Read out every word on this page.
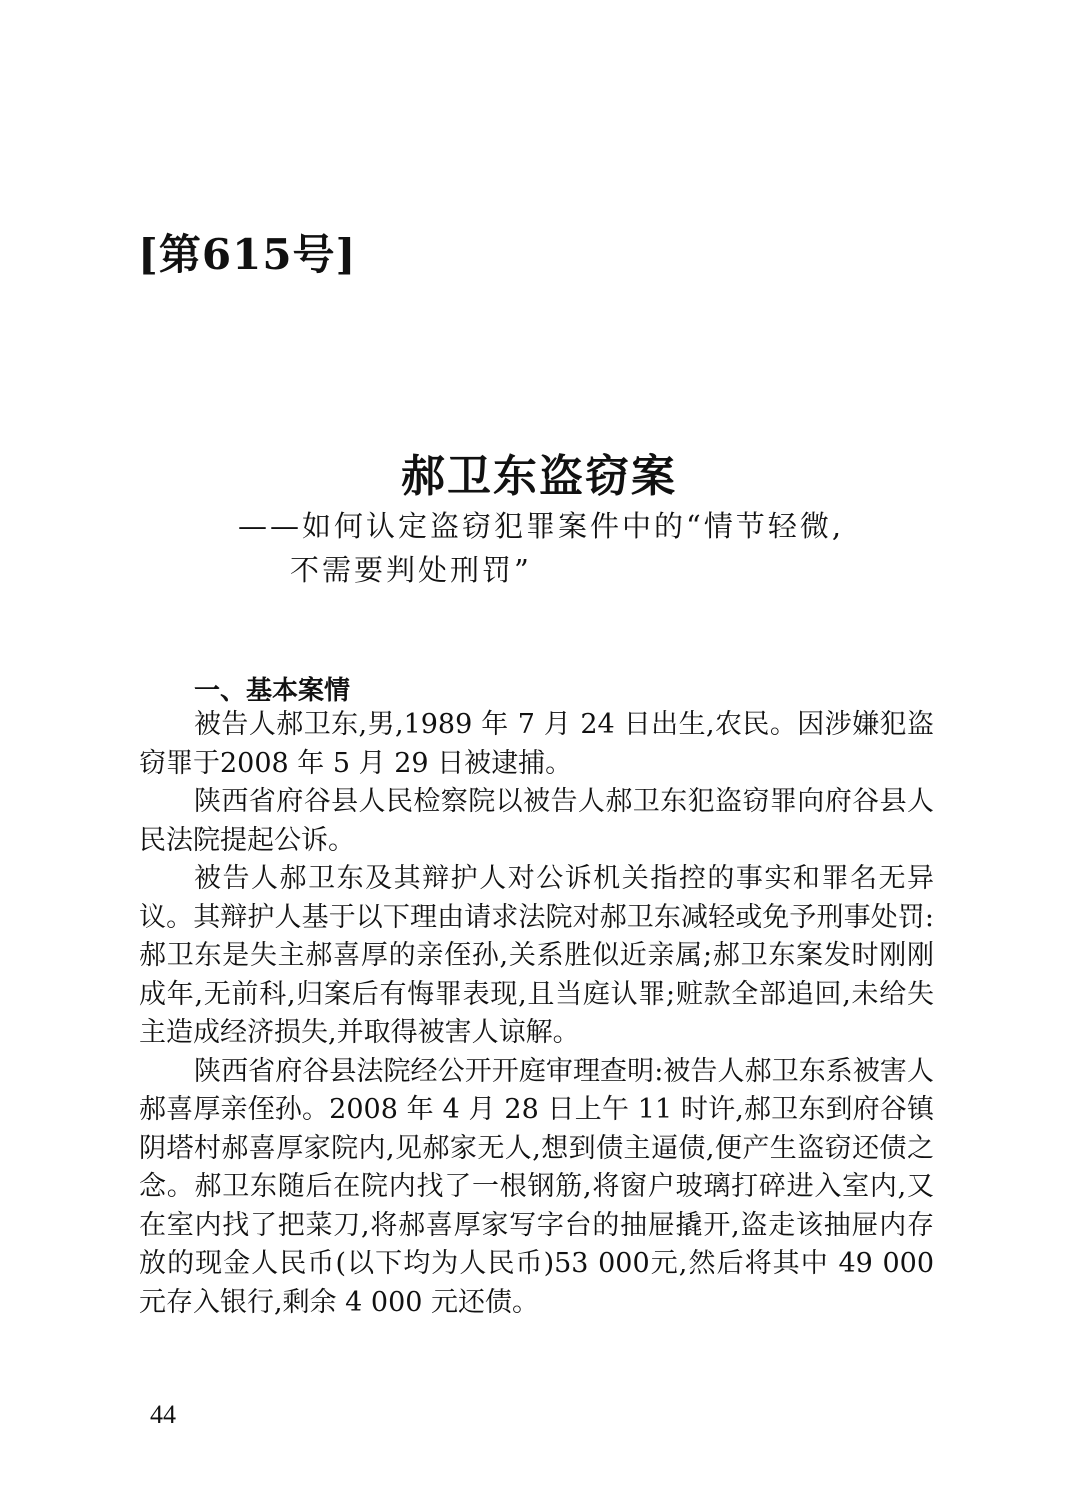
[第615号]
郝卫东盗窃案
——如何认定盗窃犯罪案件中的“情节轻微,
不需要判处刑罚”
一、基本案情

被告人郝卫东,男,1989 年 7 月 24 日出生,农民。因涉嫌犯盗窃罪于2008 年 5 月 29 日被逮捕。

陕西省府谷县人民检察院以被告人郝卫东犯盗窃罪向府谷县人民法院提起公诉。

被告人郝卫东及其辩护人对公诉机关指控的事实和罪名无异议。其辩护人基于以下理由请求法院对郝卫东减轻或免予刑事处罚:郝卫东是失主郝喜厚的亲侄孙,关系胜似近亲属;郝卫东案发时刚刚成年,无前科,归案后有悔罪表现,且当庭认罪;赃款全部追回,未给失主造成经济损失,并取得被害人谅解。

陕西省府谷县法院经公开开庭审理查明:被告人郝卫东系被害人郝喜厚亲侄孙。2008 年 4 月 28 日上午 11 时许,郝卫东到府谷镇阴塔村郝喜厚家院内,见郝家无人,想到债主逼债,便产生盗窃还债之念。郝卫东随后在院内找了一根钢筋,将窗户玻璃打碎进入室内,又在室内找了把菜刀,将郝喜厚家写字台的抽屉撬开,盗走该抽屉内存放的现金人民币(以下均为人民币)53 000元,然后将其中 49 000 元存入银行,剩余 4 000 元还债。

44
